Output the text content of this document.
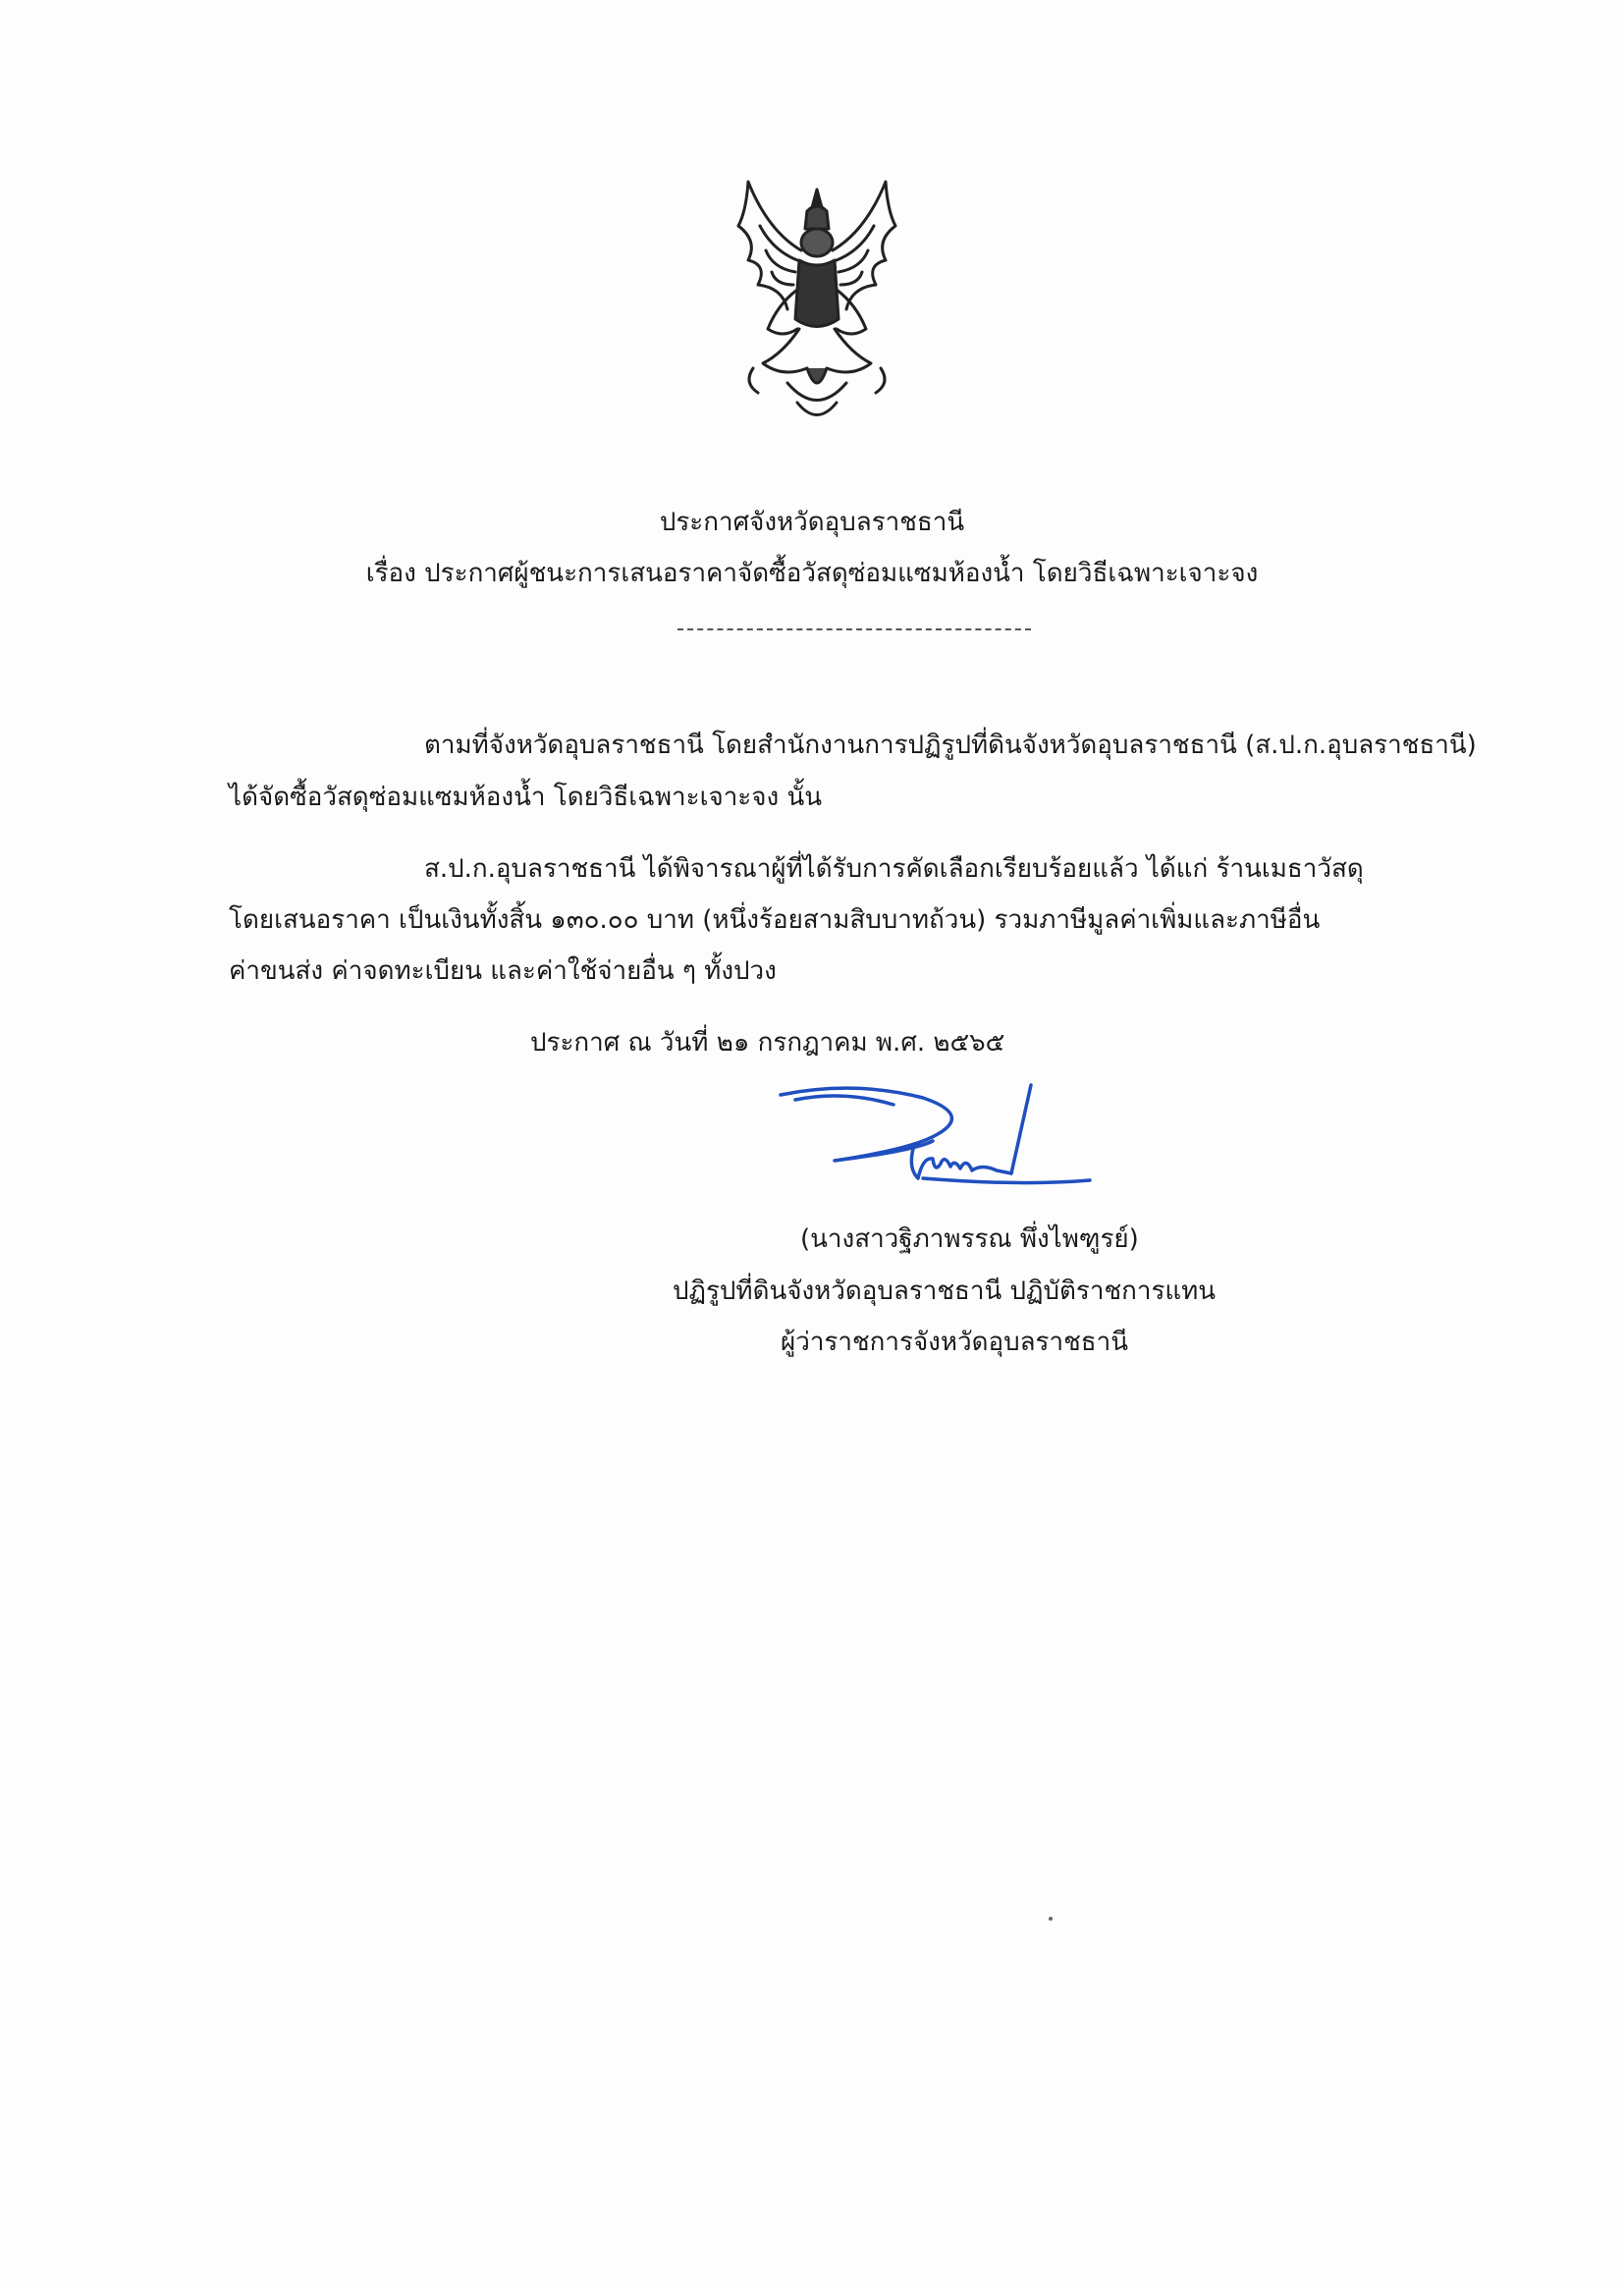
ประกาศจังหวัดอุบลราชธานี
เรื่อง ประกาศผู้ชนะการเสนอราคาจัดซื้อวัสดุซ่อมแซมห้องน้ำ โดยวิธีเฉพาะเจาะจง
ตามที่จังหวัดอุบลราชธานี โดยสำนักงานการปฏิรูปที่ดินจังหวัดอุบลราชธานี (ส.ป.ก.อุบลราชธานี)
ได้จัดซื้อวัสดุซ่อมแซมห้องน้ำ โดยวิธีเฉพาะเจาะจง นั้น
ส.ป.ก.อุบลราชธานี ได้พิจารณาผู้ที่ได้รับการคัดเลือกเรียบร้อยแล้ว ได้แก่ ร้านเมธาวัสดุ
โดยเสนอราคา เป็นเงินทั้งสิ้น ๑๓๐.๐๐ บาท (หนึ่งร้อยสามสิบบาทถ้วน) รวมภาษีมูลค่าเพิ่มและภาษีอื่น
ค่าขนส่ง ค่าจดทะเบียน และค่าใช้จ่ายอื่น ๆ ทั้งปวง
ประกาศ ณ วันที่ ๒๑ กรกฎาคม พ.ศ. ๒๕๖๕
(นางสาวฐิภาพรรณ พึ่งไพฑูรย์)
ปฏิรูปที่ดินจังหวัดอุบลราชธานี ปฏิบัติราชการแทน
ผู้ว่าราชการจังหวัดอุบลราชธานี
